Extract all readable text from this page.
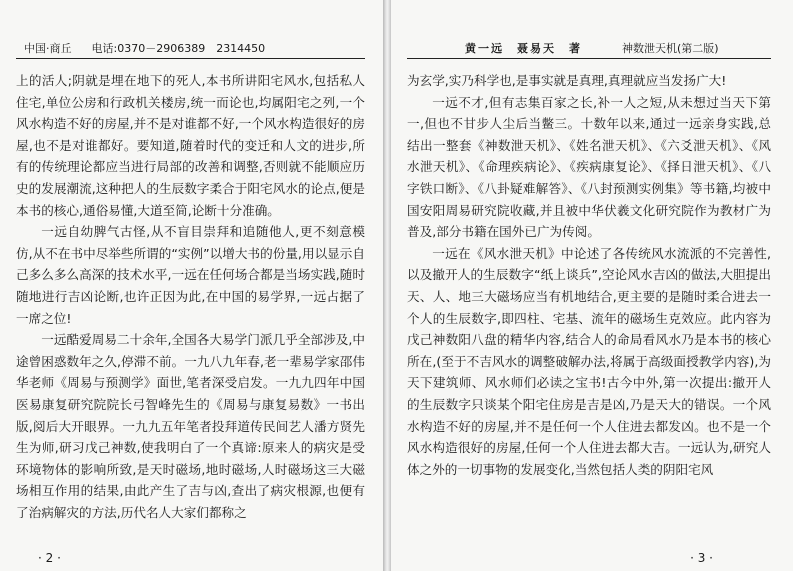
中国·商丘 电话:0370－2906389　2314450

上的活人;阴就是埋在地下的死人,本书所讲阳宅风水,包括私人住宅,单位公房和行政机关楼房,统一而论也,均属阳宅之列,一个风水构造不好的房屋,并不是对谁都不好,一个风水构造很好的房屋,也不是对谁都好。要知道,随着时代的变迁和人文的进步,所有的传统理论都应当进行局部的改善和调整,否则就不能顺应历史的发展潮流,这种把人的生辰数字柔合于阳宅风水的论点,便是本书的核心,通俗易懂,大道至简,论断十分准确。

一远自幼脾气古怪,从不盲目崇拜和追随他人,更不刻意模仿,从不在书中尽举些所谓的“实例”以增大书的份量,用以显示自己多么多么高深的技术水平,一远在任何场合都是当场实践,随时随地进行吉凶论断,也许正因为此,在中国的易学界,一远占据了一席之位!

一远酷爱周易二十余年,全国各大易学门派几乎全部涉及,中途曾困惑数年之久,停滞不前。一九八九年春,老一辈易学家邵伟华老师《周易与预测学》面世,笔者深受启发。一九九四年中国医易康复研究院院长弓智峰先生的《周易与康复易数》一书出版,阅后大开眼界。一九九五年笔者投拜道传民间艺人潘方贤先生为师,研习戊己神数,使我明白了一个真谛:原来人的病灾是受环境物体的影响所致,是天时磁场,地时磁场,人时磁场这三大磁场相互作用的结果,由此产生了吉与凶,查出了病灾根源,也便有了治病解灾的方法,历代名人大家们都称之

· 2 ·
黄一远　聂易天　著	神数泄天机(第二版)

为玄学,实乃科学也,是事实就是真理,真理就应当发扬广大!

一远不才,但有志集百家之长,补一人之短,从未想过当天下第一,但也不甘步人尘后当鳖三。十数年以来,通过一远亲身实践,总结出一整套《神数泄天机》、《姓名泄天机》、《六爻泄天机》、《风水泄天机》、《命理疾病论》、《疾病康复论》、《择日泄天机》、《八字铁口断》、《八卦疑难解答》、《八封预测实例集》等书籍,均被中国安阳周易研究院收藏,并且被中华伏羲文化研究院作为教材广为普及,部分书籍在国外已广为传阅。

一远在《风水泄天机》中论述了各传统风水流派的不完善性,以及撤开人的生辰数字“纸上谈兵”,空论风水吉凶的做法,大胆提出天、人、地三大磁场应当有机地结合,更主要的是随时柔合进去一个人的生辰数字,即四柱、宅基、流年的磁场生克效应。此内容为戊己神数阳八盘的精华内容,结合人的命局看风水乃是本书的核心所在,(至于不吉风水的调整破解办法,将属于高级面授教学内容),为天下建筑师、风水师们必读之宝书!古今中外,第一次提出:撤开人的生辰数字只谈某个阳宅住房是吉是凶,乃是天大的错误。一个风水构造不好的房屋,并不是任何一个人住进去都发凶。也不是一个风水构造很好的房屋,任何一个人住进去都大吉。一远认为,研究人体之外的一切事物的发展变化,当然包括人类的阴阳宅风

· 3 ·
